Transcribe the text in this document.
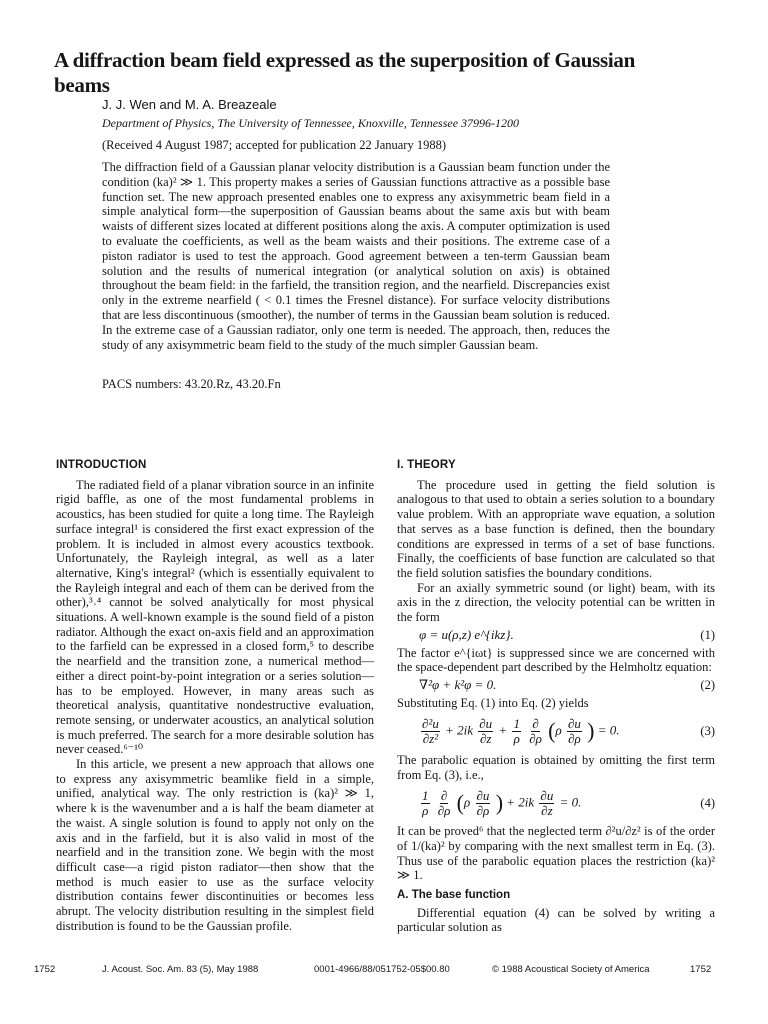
A diffraction beam field expressed as the superposition of Gaussian beams

J. J. Wen and M. A. Breazeale

Department of Physics, The University of Tennessee, Knoxville, Tennessee 37996-1200

(Received 4 August 1987; accepted for publication 22 January 1988)

The diffraction field of a Gaussian planar velocity distribution is a Gaussian beam function under the condition (ka)² ≫ 1. This property makes a series of Gaussian functions attractive as a possible base function set. The new approach presented enables one to express any axisymmetric beam field in a simple analytical form—the superposition of Gaussian beams about the same axis but with beam waists of different sizes located at different positions along the axis. A computer optimization is used to evaluate the coefficients, as well as the beam waists and their positions. The extreme case of a piston radiator is used to test the approach. Good agreement between a ten-term Gaussian beam solution and the results of numerical integration (or analytical solution on axis) is obtained throughout the beam field: in the farfield, the transition region, and the nearfield. Discrepancies exist only in the extreme nearfield ( < 0.1 times the Fresnel distance). For surface velocity distributions that are less discontinuous (smoother), the number of terms in the Gaussian beam solution is reduced. In the extreme case of a Gaussian radiator, only one term is needed. The approach, then, reduces the study of any axisymmetric beam field to the study of the much simpler Gaussian beam.

PACS numbers: 43.20.Rz, 43.20.Fn

INTRODUCTION

The radiated field of a planar vibration source in an infinite rigid baffle, as one of the most fundamental problems in acoustics, has been studied for quite a long time. The Rayleigh surface integral¹ is considered the first exact expression of the problem. It is included in almost every acoustics textbook. Unfortunately, the Rayleigh integral, as well as a later alternative, King's integral² (which is essentially equivalent to the Rayleigh integral and each of them can be derived from the other),³˒⁴ cannot be solved analytically for most physical situations. A well-known example is the sound field of a piston radiator. Although the exact on-axis field and an approximation to the farfield can be expressed in a closed form,⁵ to describe the nearfield and the transition zone, a numerical method—either a direct point-by-point integration or a series solution—has to be employed. However, in many areas such as theoretical analysis, quantitative nondestructive evaluation, remote sensing, or underwater acoustics, an analytical solution is much preferred. The search for a more desirable solution has never ceased.⁶⁻¹⁰

In this article, we present a new approach that allows one to express any axisymmetric beamlike field in a simple, unified, analytical way. The only restriction is (ka)² ≫ 1, where k is the wavenumber and a is half the beam diameter at the waist. A single solution is found to apply not only on the axis and in the farfield, but it is also valid in most of the nearfield and in the transition zone. We begin with the most difficult case—a rigid piston radiator—then show that the method is much easier to use as the surface velocity distribution contains fewer discontinuities or becomes less abrupt. The velocity distribution resulting in the simplest field distribution is found to be the Gaussian profile.

I. THEORY

The procedure used in getting the field solution is analogous to that used to obtain a series solution to a boundary value problem. With an appropriate wave equation, a solution that serves as a base function is defined, then the boundary conditions are expressed in terms of a set of base functions. Finally, the coefficients of base function are calculated so that the field solution satisfies the boundary conditions.

For an axially symmetric sound (or light) beam, with its axis in the z direction, the velocity potential can be written in the form

φ = u(ρ,z) e^{ikz}.	(1)

The factor e^{iωt} is suppressed since we are concerned with the space-dependent part described by the Helmholtz equation:

∇²φ + k²φ = 0.	(2)

Substituting Eq. (1) into Eq. (2) yields

$\frac{\text{∂²u}}{\text{∂z²}} + 2ik \frac{\partial u}{\partial z} + \frac{1}{\rho}$
$\frac{\partial}{\partial\rho} (\rho \frac{\partial u}{\partial\rho}$ ) = 0.	(3)

The parabolic equation is obtained by omitting the first term from Eq. (3), i.e.,

$\frac{1}{\rho}$
$\frac{\partial}{\partial\rho} (\rho \frac{\partial u}{\partial\rho}$ ) + $2ik \frac{\partial u}{\partial z} = 0$.	(4)

It can be proved⁶ that the neglected term ∂²u/∂z² is of the order of 1/(ka)² by comparing with the next smallest term in Eq. (3). Thus use of the parabolic equation places the restriction (ka)² ≫ 1.

A. The base function

Differential equation (4) can be solved by writing a particular solution as

1752	J. Acoust. Soc. Am. 83 (5), May 1988	0001-4966/88/051752-05$00.80	© 1988 Acoustical Society of America	1752
